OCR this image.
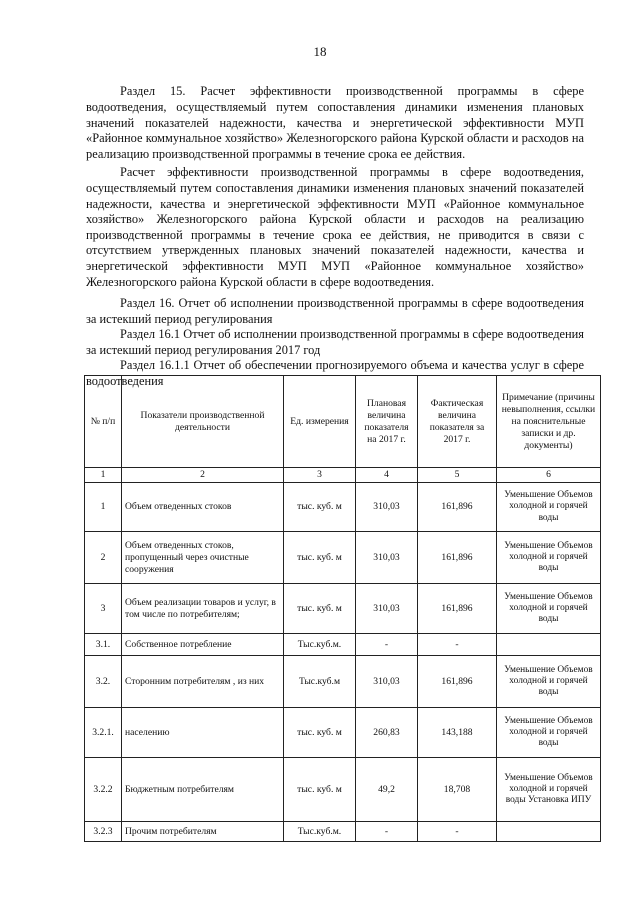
18

Раздел 15. Расчет эффективности производственной программы в сфере водоотведения, осуществляемый путем сопоставления динамики изменения плановых значений показателей надежности, качества и энергетической эффективности МУП «Районное коммунальное хозяйство» Железногорского района Курской области и расходов на реализацию производственной программы в течение срока ее действия.

Расчет эффективности производственной программы в сфере водоотведения, осуществляемый путем сопоставления динамики изменения плановых значений показателей надежности, качества и энергетической эффективности МУП «Районное коммунальное хозяйство» Железногорского района Курской области и расходов на реализацию производственной программы в течение срока ее действия, не приводится в связи с отсутствием утвержденных плановых значений показателей надежности, качества и энергетической эффективности МУП МУП «Районное коммунальное хозяйство» Железногорского района Курской области в сфере водоотведения.

Раздел 16. Отчет об исполнении производственной программы в сфере водоотведения за истекший период регулирования

Раздел 16.1 Отчет об исполнении производственной программы в сфере водоотведения за истекший период регулирования 2017 год

Раздел 16.1.1 Отчет об обеспечении прогнозируемого объема и качества услуг в сфере водоотведения

№ п/п	Показатели производственной деятельности	Ед. измерения	Плановая величина показателя на 2017 г.	Фактическая величина показателя за 2017 г.	Примечание (причины невыполнения, ссылки на пояснительные записки и др. документы)
1	2	3	4	5	6
1	Объем отведенных стоков	тыс. куб. м	310,03	161,896	Уменьшение Объемов холодной и горячей воды
2	Объем отведенных стоков, пропущенный через очистные сооружения	тыс. куб. м	310,03	161,896	Уменьшение Объемов холодной и горячей воды
3	Объем реализации товаров и услуг, в том числе по потребителям;	тыс. куб. м	310,03	161,896	Уменьшение Объемов холодной и горячей воды
3.1.	Собственное потребление	Тыс.куб.м.	-	-	
3.2.	Сторонним потребителям , из них	Тыс.куб.м	310,03	161,896	Уменьшение Объемов холодной и горячей воды
3.2.1.	населению	тыс. куб. м	260,83	143,188	Уменьшение Объемов холодной и горячей воды
3.2.2	Бюджетным потребителям	тыс. куб. м	49,2	18,708	Уменьшение Объемов холодной и горячей воды Установка ИПУ
3.2.3	Прочим потребителям	Тыс.куб.м.	-	-	
